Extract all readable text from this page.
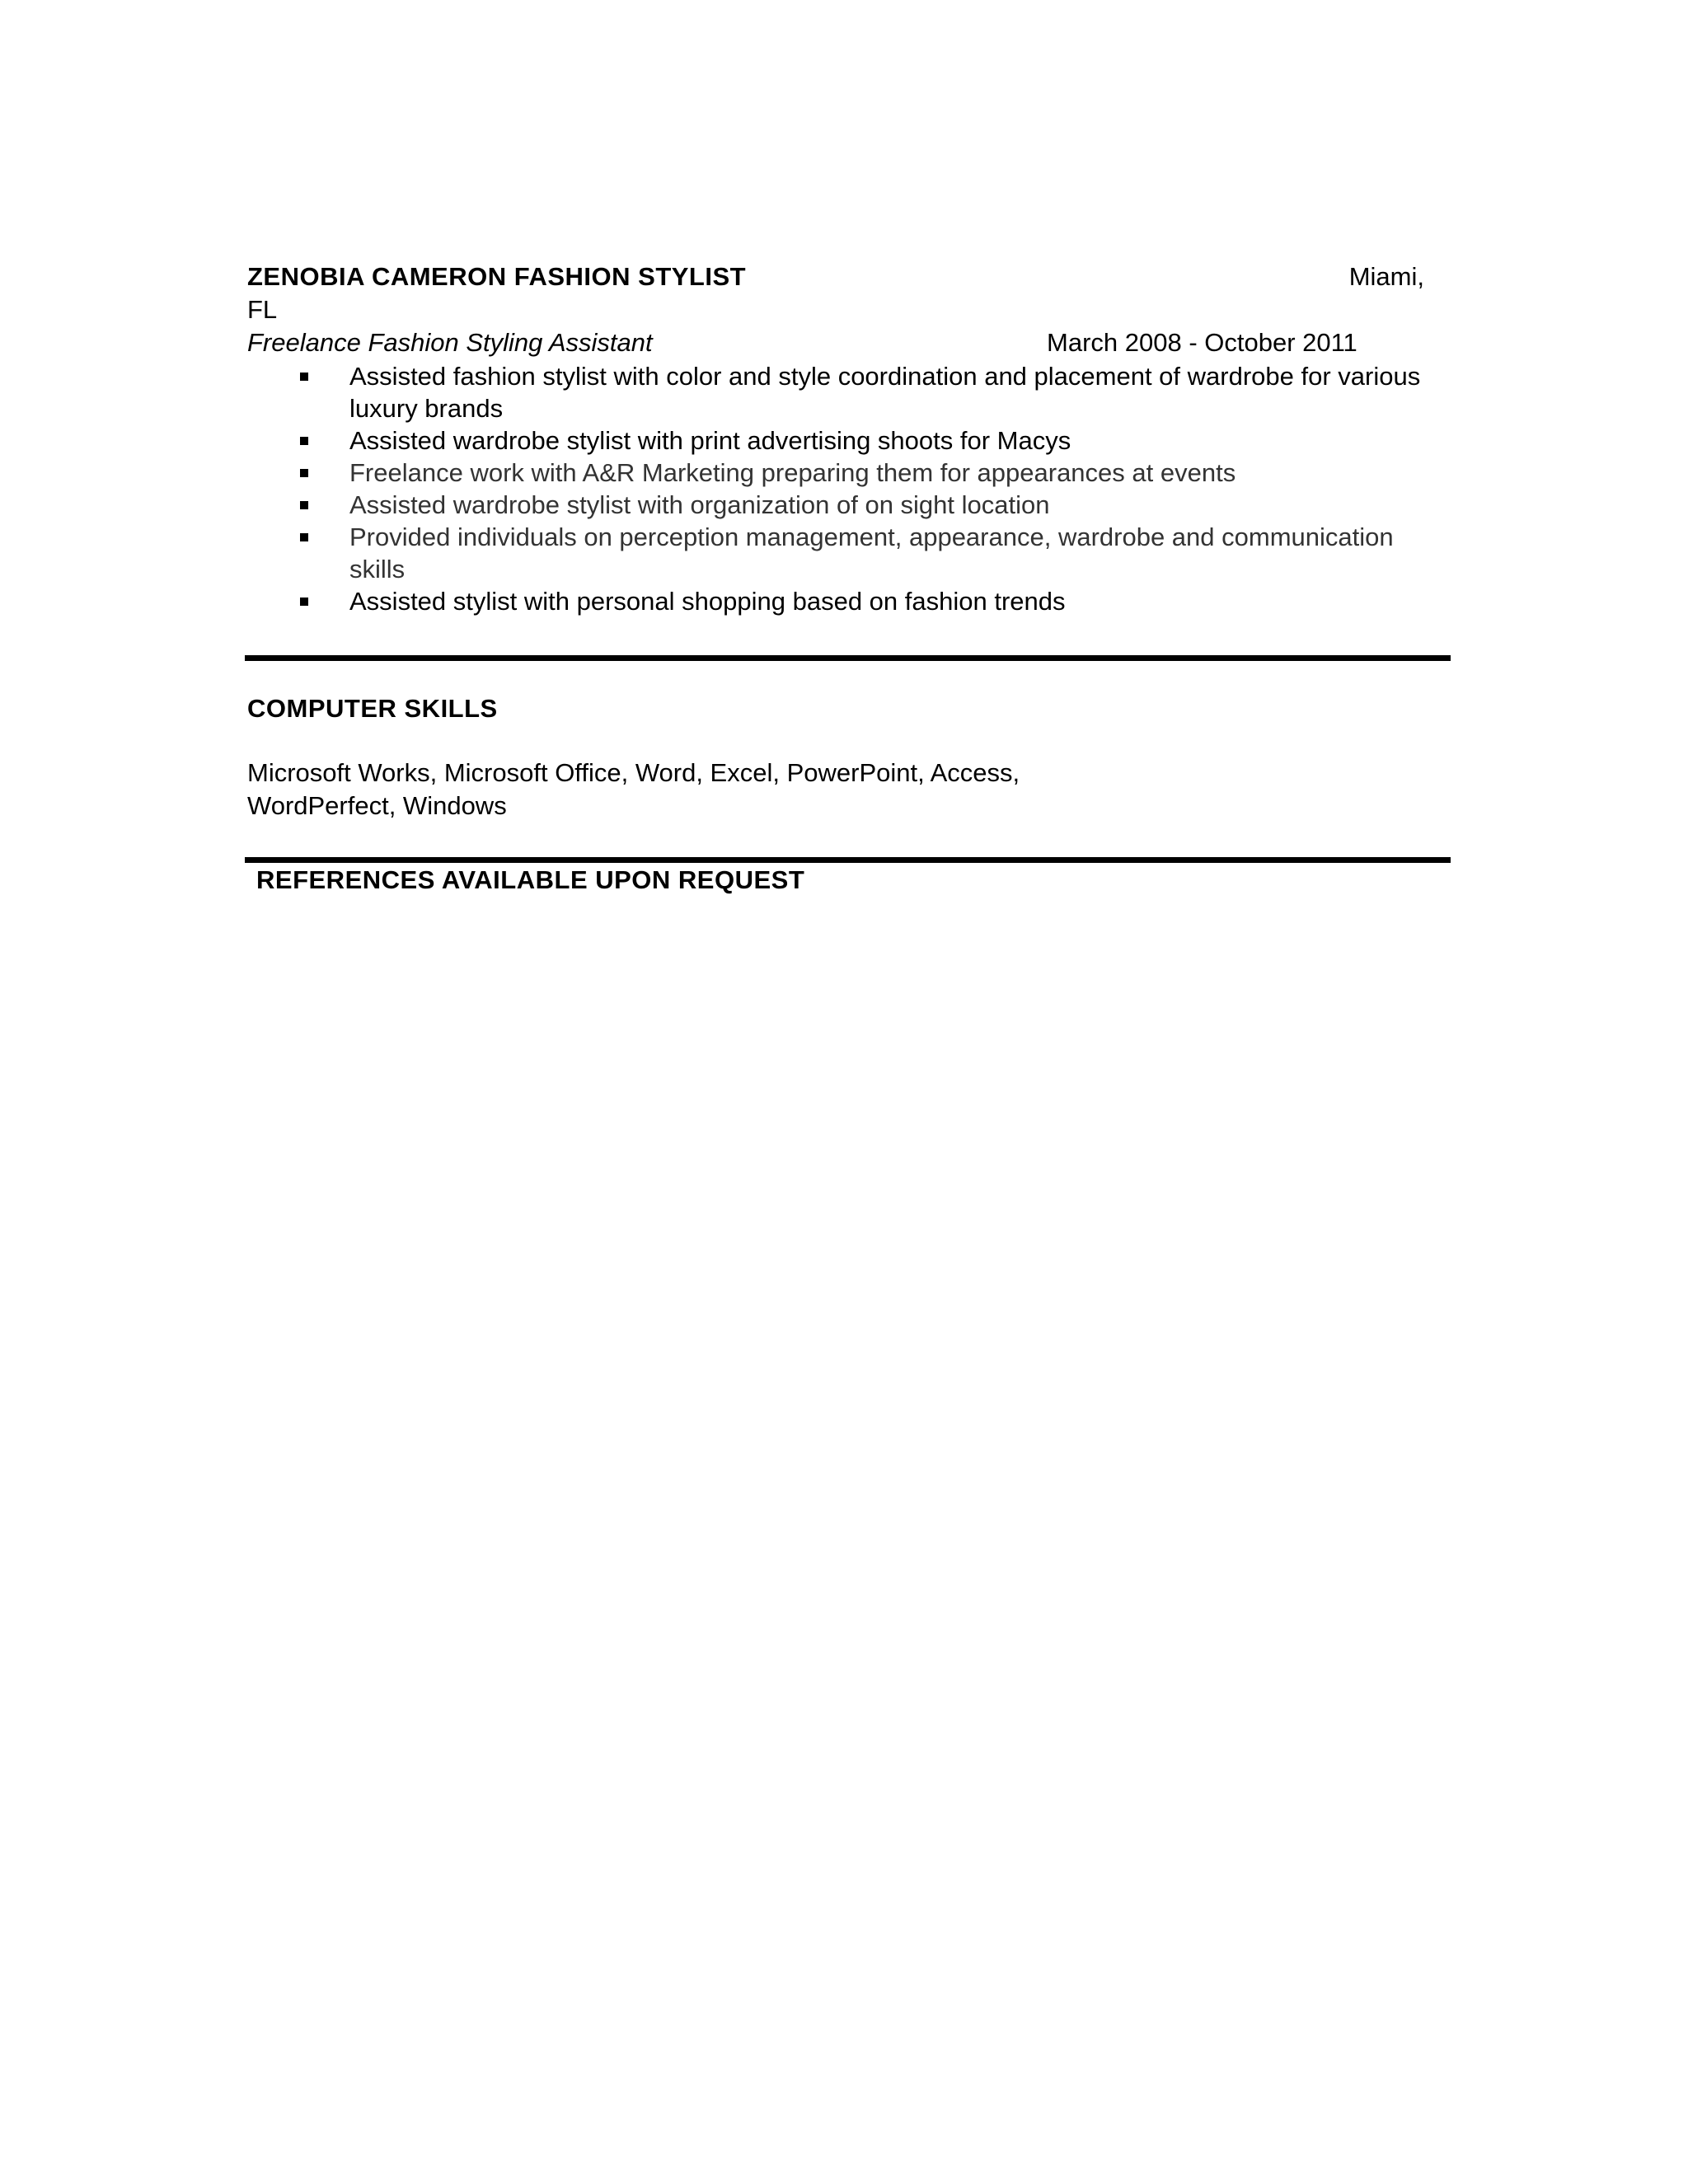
ZENOBIA CAMERON FASHION STYLIST	Miami,
FL
Freelance Fashion Styling Assistant	March 2008 - October 2011
Assisted fashion stylist with color and style coordination and placement of wardrobe for various luxury brands
Assisted wardrobe stylist with print advertising shoots for Macys
Freelance work with A&R Marketing preparing them for appearances at events
Assisted wardrobe stylist with organization of on sight location
Provided individuals on perception management, appearance, wardrobe and communication skills
Assisted stylist with personal shopping based on fashion trends
COMPUTER SKILLS
Microsoft Works, Microsoft Office, Word, Excel, PowerPoint, Access,
WordPerfect, Windows
REFERENCES AVAILABLE UPON REQUEST
